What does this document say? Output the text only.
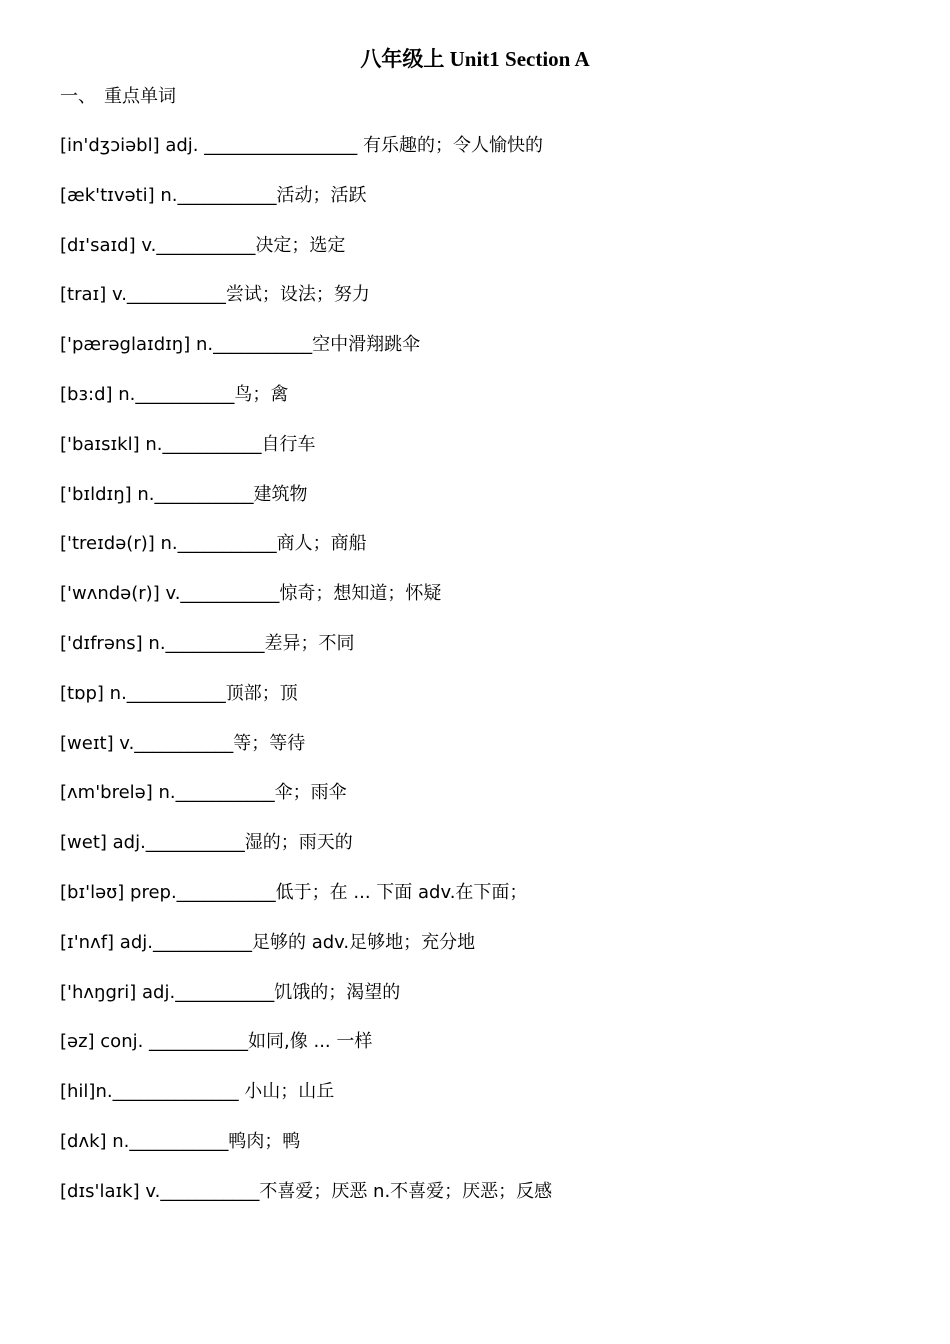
八年级上 Unit1 Section A
一、 重点单词
[in'dʒɔiəbl] adj. _________________ 有乐趣的；令人愉快的
[æk'tɪvəti] n.___________活动；活跃
[dɪ'saɪd] v.___________决定；选定
[traɪ] v.___________尝试；设法；努力
['pærəglaɪdɪŋ] n.___________空中滑翔跳伞
[bɜ:d] n.___________鸟；禽
['baɪsɪkl] n.___________自行车
['bɪldɪŋ] n.___________建筑物
['treɪdə(r)] n.___________商人；商船
['wʌndə(r)] v.___________惊奇；想知道；怀疑
['dɪfrəns] n.___________差异；不同
[tɒp] n.___________顶部；顶
[weɪt] v.___________等；等待
[ʌm'brelə] n.___________伞；雨伞
[wet] adj.___________湿的；雨天的
[bɪ'ləʊ] prep.___________低于；在 ... 下面 adv.在下面；
[ɪ'nʌf] adj.___________足够的 adv.足够地；充分地
['hʌŋgri] adj.___________饥饿的；渴望的
[əz] conj. ___________如同,像 ... 一样
[hil]n.______________ 小山；山丘
[dʌk] n.___________鸭肉；鸭
[dɪs'laɪk] v.___________不喜爱；厌恶 n.不喜爱；厌恶；反感
